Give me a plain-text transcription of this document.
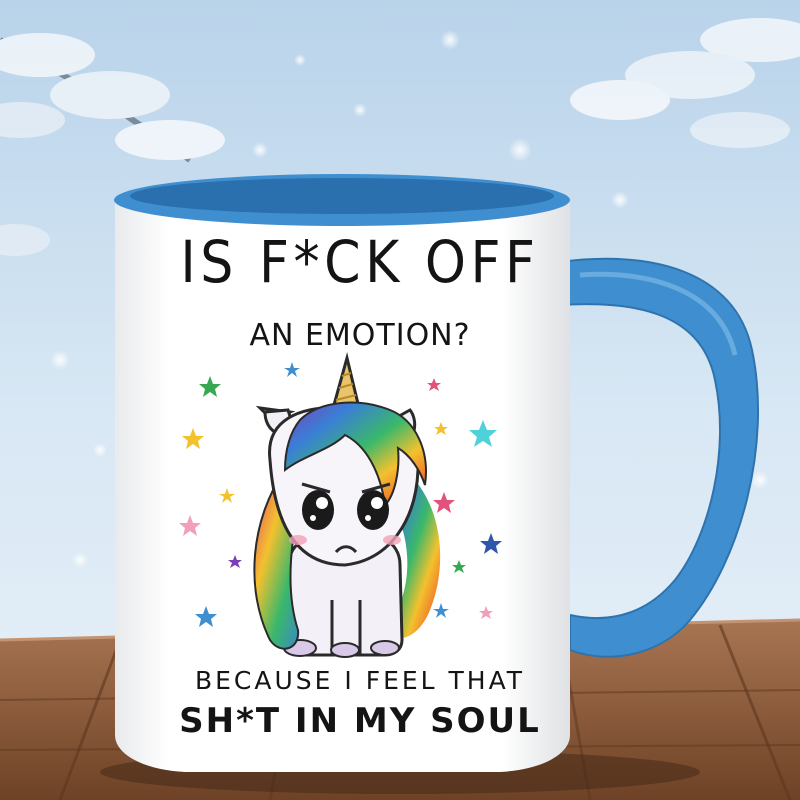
IS F*CK OFF
AN EMOTION?
BECAUSE I FEEL THAT
SH*T IN MY SOUL
